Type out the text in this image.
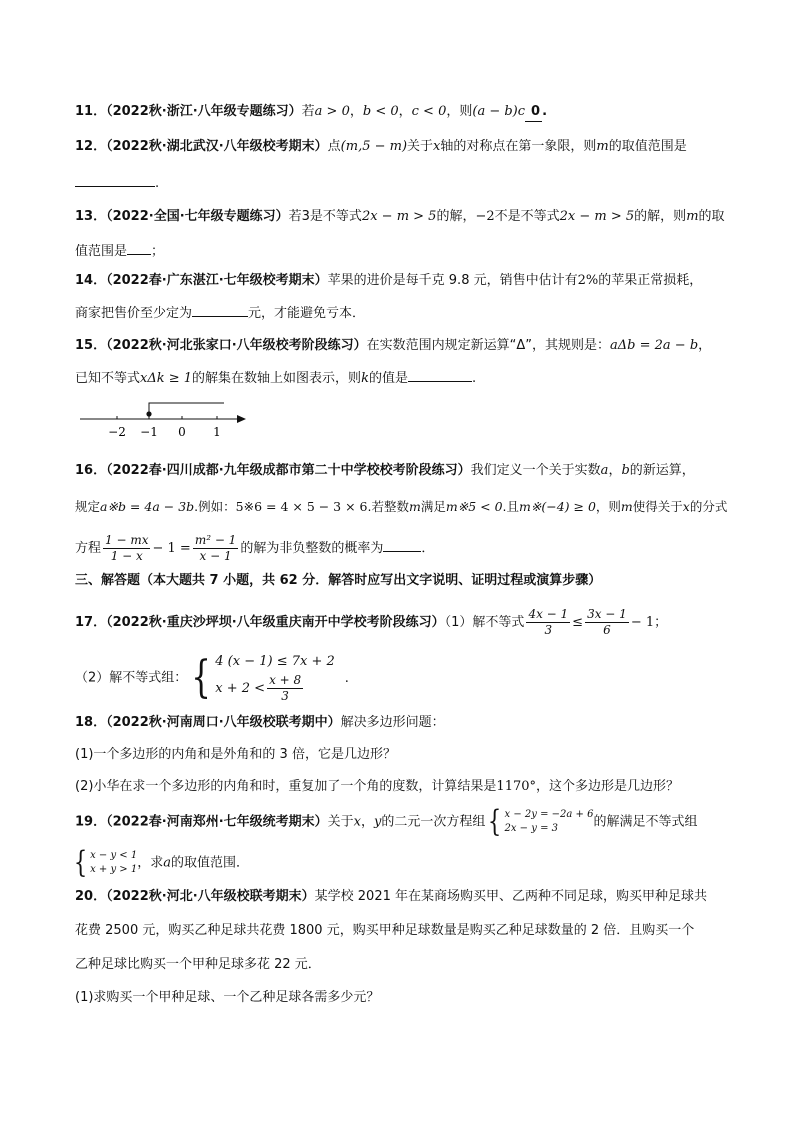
11．（2022秋·浙江·八年级专题练习）若a > 0，b < 0，c < 0，则(a − b)c 0 .
12．（2022秋·湖北武汉·八年级校考期末）点(m,5 − m)关于x轴的对称点在第一象限，则m的取值范围是
.
13．（2022·全国·七年级专题练习）若3是不等式2x − m > 5的解，−2不是不等式2x − m > 5的解，则m的取
值范围是 ；
14．（2022春·广东湛江·七年级校考期末）苹果的进价是每千克 9.8 元，销售中估计有2%的苹果正常损耗，
商家把售价至少定为	元，才能避免亏本．
15．（2022秋·河北张家口·八年级校考阶段练习）在实数范围内规定新运算“Δ”，其规则是：aΔb = 2a − b，
已知不等式xΔk ≥ 1的解集在数轴上如图表示，则k的值是	.
−2 −1 0 1
16．（2022春·四川成都·九年级成都市第二十中学校校考阶段练习）我们定义一个关于实数a，b的新运算，
规定a※b = 4a − 3b.例如：5※6 = 4 × 5 − 3 × 6.若整数m满足m※5 < 0.且m※(−4) ≥ 0，则m使得关于x的分式
方程 $\frac{1 - mx}{1 - x} - 1 = \frac{\text{m² − 1}}{x - 1}$ 的解为非负整数的概率为	．
三、解答题（本大题共 7 小题，共 62 分．解答时应写出文字说明、证明过程或演算步骤）
17．（2022秋·重庆沙坪坝·八年级重庆南开中学校考阶段练习）（1）解不等式 $\frac{4x - 1}{3} \le \frac{3x - 1}{6} - 1$；
（2）解不等式组：{ 4 (x − 1) ≤ 7x + 2
$x + 2 < \frac{x + 8}{3}$	.
18．（2022秋·河南周口·八年级校联考期中）解决多边形问题：
(1)一个多边形的内角和是外角和的 3 倍，它是几边形？
(2)小华在求一个多边形的内角和时，重复加了一个角的度数，计算结果是1170°，这个多边形是几边形？
19．（2022春·河南郑州·七年级统考期末）关于x，y的二元一次方程组{ x − 2y = −2a + 6
2x − y = 3	的解满足不等式组
{ x − y < 1
x + y > 1 ，求a的取值范围．
20．（2022秋·河北·八年级校联考期末）某学校 2021 年在某商场购买甲、乙两种不同足球，购买甲种足球共
花费 2500 元，购买乙种足球共花费 1800 元，购买甲种足球数量是购买乙种足球数量的 2 倍．且购买一个
乙种足球比购买一个甲种足球多花 22 元．
(1)求购买一个甲种足球、一个乙种足球各需多少元？
